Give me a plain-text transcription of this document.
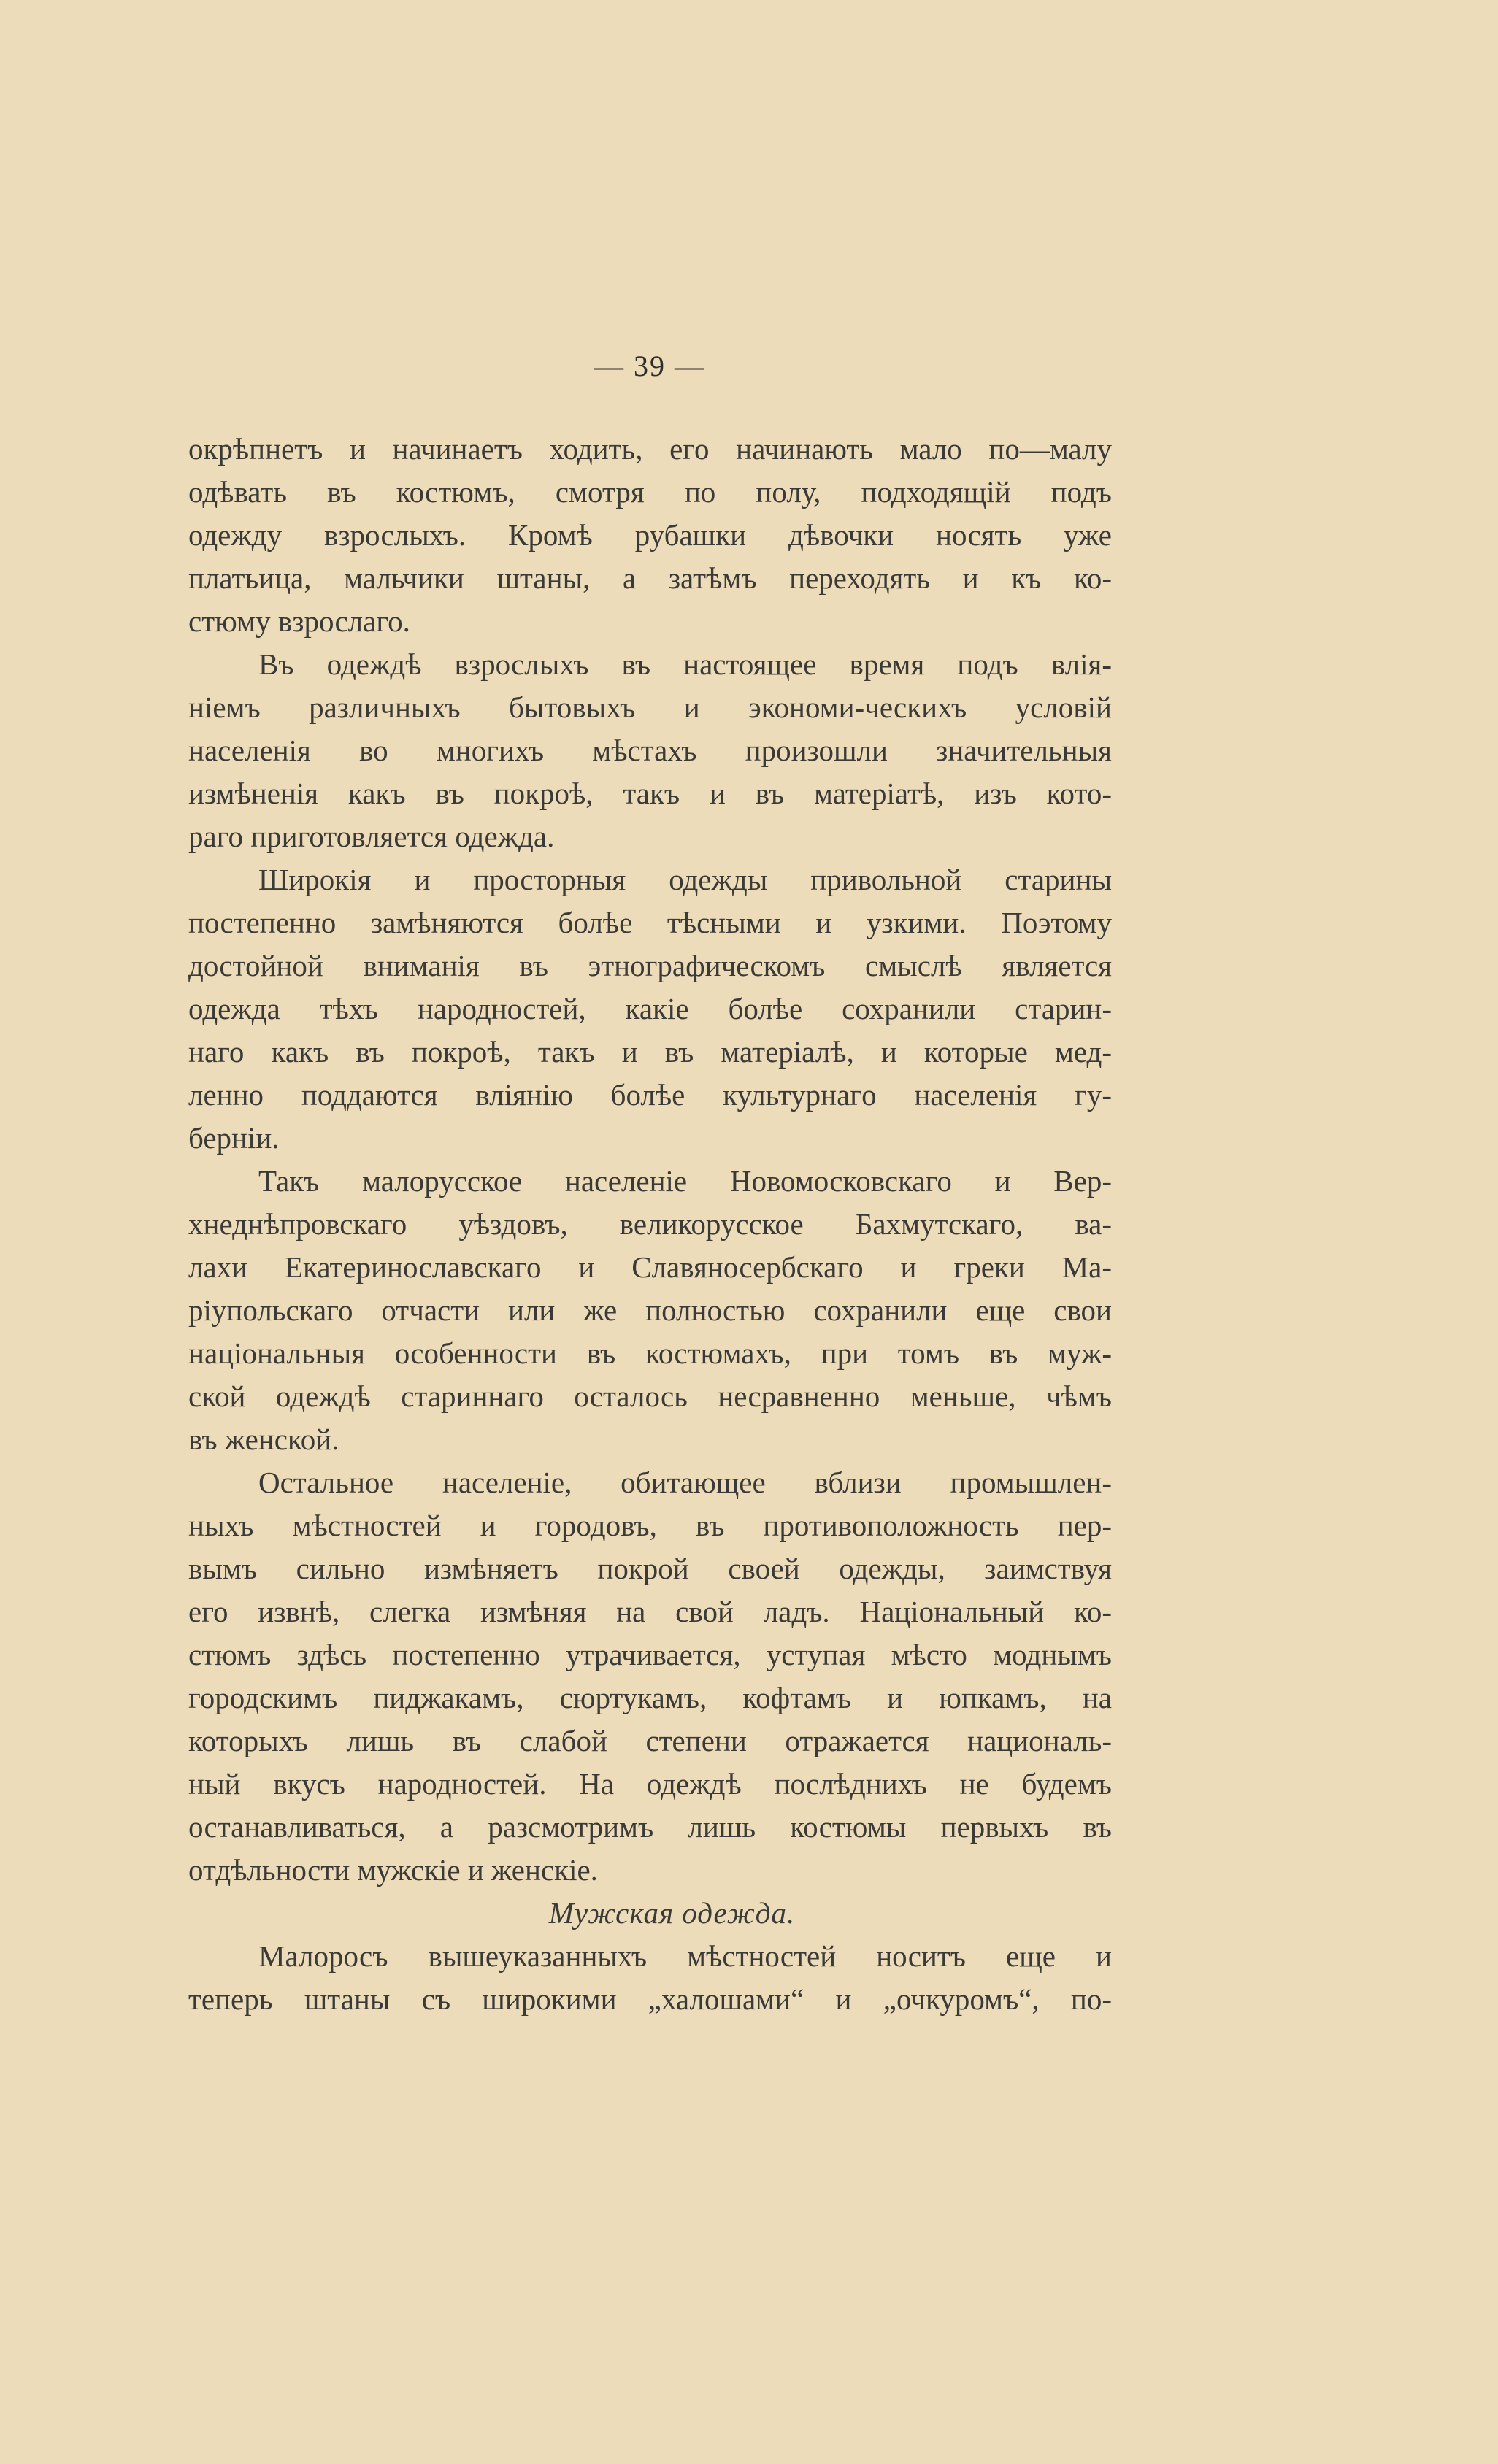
— 39 —
окрѣпнетъ и начинаетъ ходить, его начинають мало по—малу
одѣвать въ костюмъ, смотря по полу, подходящій подъ
одежду взрослыхъ. Кромѣ рубашки дѣвочки носять уже
платьица, мальчики штаны, а затѣмъ переходять и къ ко-
стюму взрослаго.
Въ одеждѣ взрослыхъ въ настоящее время подъ влія-
ніемъ различныхъ бытовыхъ и экономи-ческихъ условій
населенія во многихъ мѣстахъ произошли значительныя
измѣненія какъ въ покроѣ, такъ и въ матеріатѣ, изъ кото-
раго приготовляется одежда.
Широкія и просторныя одежды привольной старины
постепенно замѣняются болѣе тѣсными и узкими. Поэтому
достойной вниманія въ этнографическомъ смыслѣ является
одежда тѣхъ народностей, какіе болѣе сохранили старин-
наго какъ въ покроѣ, такъ и въ матеріалѣ, и которые мед-
ленно поддаются вліянію болѣе культурнаго населенія гу-
берніи.
Такъ малорусское населеніе Новомосковскаго и Вер-
хнеднѣпровскаго уѣздовъ, великорусское Бахмутскаго, ва-
лахи Екатеринославскаго и Славяносербскаго и греки Ма-
ріупольскаго отчасти или же полностью сохранили еще свои
національныя особенности въ костюмахъ, при томъ въ муж-
ской одеждѣ стариннаго осталось несравненно меньше, чѣмъ
въ женской.
Остальное населеніе, обитающее вблизи промышлен-
ныхъ мѣстностей и городовъ, въ противоположность пер-
вымъ сильно измѣняетъ покрой своей одежды, заимствуя
его извнѣ, слегка измѣняя на свой ладъ. Національный ко-
стюмъ здѣсь постепенно утрачивается, уступая мѣсто моднымъ
городскимъ пиджакамъ, сюртукамъ, кофтамъ и юпкамъ, на
которыхъ лишь въ слабой степени отражается националь-
ный вкусъ народностей. На одеждѣ послѣднихъ не будемъ
останавливаться, а разсмотримъ лишь костюмы первыхъ въ
отдѣльности мужскіе и женскіе.
Мужская одежда.
Малоросъ вышеуказанныхъ мѣстностей носитъ еще и
теперь штаны съ широкими „халошами“ и „очкуромъ“, по-
